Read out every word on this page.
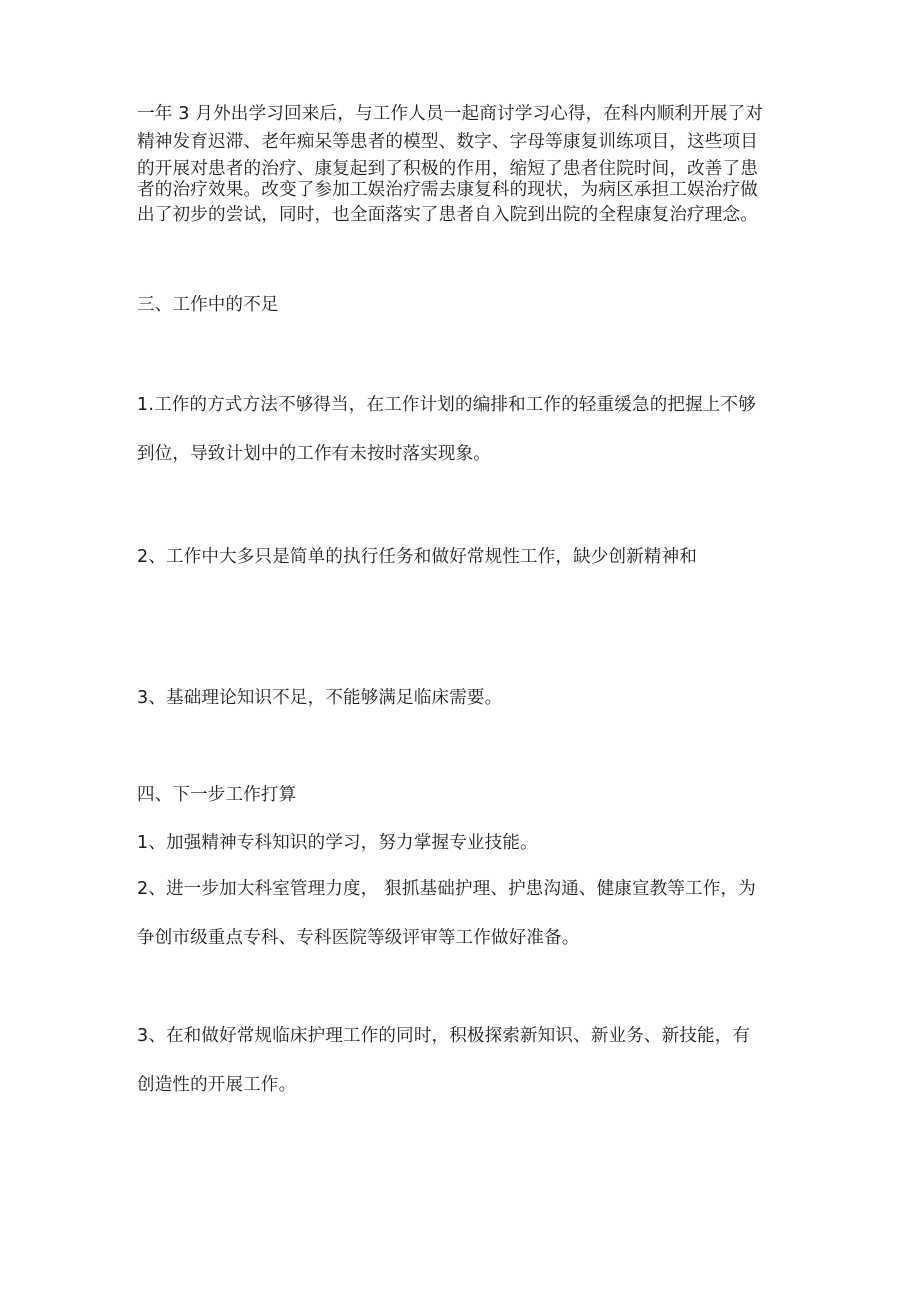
一年 3 月外出学习回来后，与工作人员一起商讨学习心得，在科内顺利开展了对
精神发育迟滞、老年痴呆等患者的模型、数字、字母等康复训练项目，这些项目
的开展对患者的治疗、康复起到了积极的作用，缩短了患者住院时间，改善了患
者的治疗效果。改变了参加工娱治疗需去康复科的现状，为病区承担工娱治疗做
出了初步的尝试，同时，也全面落实了患者自入院到出院的全程康复治疗理念。
三、工作中的不足
1.工作的方式方法不够得当，在工作计划的编排和工作的轻重缓急的把握上不够
到位，导致计划中的工作有未按时落实现象。
2、工作中大多只是简单的执行任务和做好常规性工作，缺少创新精神和
3、基础理论知识不足，不能够满足临床需要。
四、下一步工作打算
1、加强精神专科知识的学习，努力掌握专业技能。
2、进一步加大科室管理力度， 狠抓基础护理、护患沟通、健康宣教等工作，为
争创市级重点专科、专科医院等级评审等工作做好准备。
3、在和做好常规临床护理工作的同时，积极探索新知识、新业务、新技能，有
创造性的开展工作。
